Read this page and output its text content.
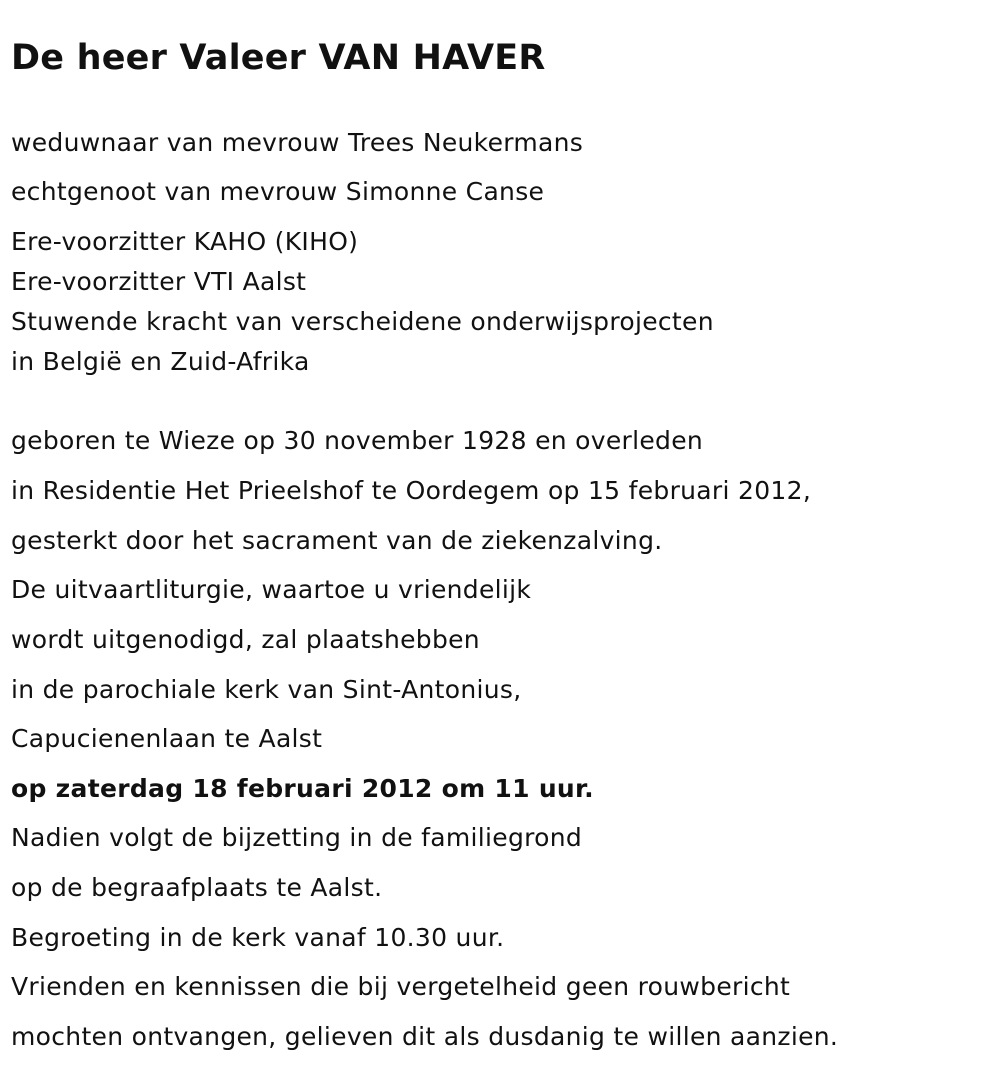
De heer Valeer VAN HAVER

weduwnaar van mevrouw Trees Neukermans

echtgenoot van mevrouw Simonne Canse

Ere-voorzitter KAHO (KIHO)

Ere-voorzitter VTI Aalst

Stuwende kracht van verscheidene onderwijsprojecten

in België en Zuid-Afrika

geboren te Wieze op 30 november 1928 en overleden

in Residentie Het Prieelshof te Oordegem op 15 februari 2012,

gesterkt door het sacrament van de ziekenzalving.

De uitvaartliturgie, waartoe u vriendelijk

wordt uitgenodigd, zal plaatshebben

in de parochiale kerk van Sint-Antonius,

Capucienenlaan te Aalst

op zaterdag 18 februari 2012 om 11 uur.

Nadien volgt de bijzetting in de familiegrond

op de begraafplaats te Aalst.

Begroeting in de kerk vanaf 10.30 uur.

Vrienden en kennissen die bij vergetelheid geen rouwbericht

mochten ontvangen, gelieven dit als dusdanig te willen aanzien.
